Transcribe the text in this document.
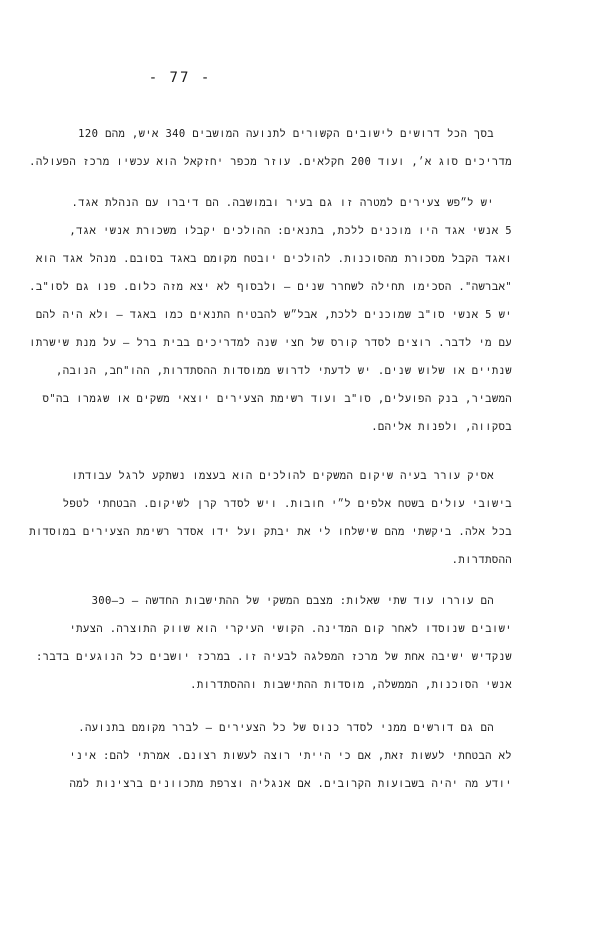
- 77 -
בסך הכל דרושים לישובים הקשורים לתנועה המושבים 340 איש, מהם 120
מדריכים סוג א׳, ועוד 200 חקלאים. עוזר מכפר יחזקאל הוא עכשיו מרכז הפעולה.
יש ל״פש צעירים למטרה זו גם בעיר ובמושבה. הם דיברו עם הנהלת אגד.
5 אנשי אגד היו מוכנים ללכת, בתנאים: ההולכים יקבלו משכורת אנשי אגד,
ואגד הקבל מסכורת מהסוכנות. להולכים יובטח מקומם באגד בסובם. מנהל אגד הוא
"אברשה". הסכימו תחילה לשחרר שנים – ולבסוף לא יצא מזה כלום. פנו גם לסו"ב.
יש 5 אנשי סו"ב שמוכנים ללכת, אבל״ש להבטיח התנאים כמו באגד – ולא היה להם
עם מי לדבר. רוצים לסדר קורס של חצי שנה למדריכים בבית ברל – על מנת שישרתו
שנתיים או שלוש שנים. יש לדעתי לדרוש ממוסדות ההסתדרות, ההו"חב, הנובה,
המשביר, בנק הפועלים, סו"ב ועוד רשימת הצעירים יוצאי משקים או שגמרו בה"ס
בסקווה, ולפנות אליהם.
אסיק עורר בעיה שיקום המשקים להולכים הוא בעצמו נשתקע לרגל עבודתו
בישובי עולים בשטח אלפים ל״י חובות. ויש לסדר קרן לשיקום. הבטחתי לטפל
בכל אלה. ביקשתי מהם שישלחו לי את יבתק ועל ידו אסדר רשימת הצעירים במוסדות
ההסתדרות.
הם עוררו עוד שתי שאלות: מצבם המשקי של ההתישבות החדשה – כ–300
ישובים שנוסדו לאחר קום המדינה. הקושי העיקרי הוא שווק התוצרה. הצעתי
שנקדיש ישיבה אחת של מרכז המפלגה לבעיה זו. במרכז יושבים כל הנוגעים בדבר:
אנשי הסוכנות, הממשלה, מוסדות ההתישבות וההסתדרות.
הם גם דורשים ממני לסדר כנוס של כל הצעירים – לברר מקומם בתנועה.
לא הבטחתי לעשות זאת, אם כי הייתי רוצה לעשות רצונם. אמרתי להם: איני
יודע מה יהיה בשבועות הקרובים. אם אנגליה וצרפת מתכוונים ברצינות למה
